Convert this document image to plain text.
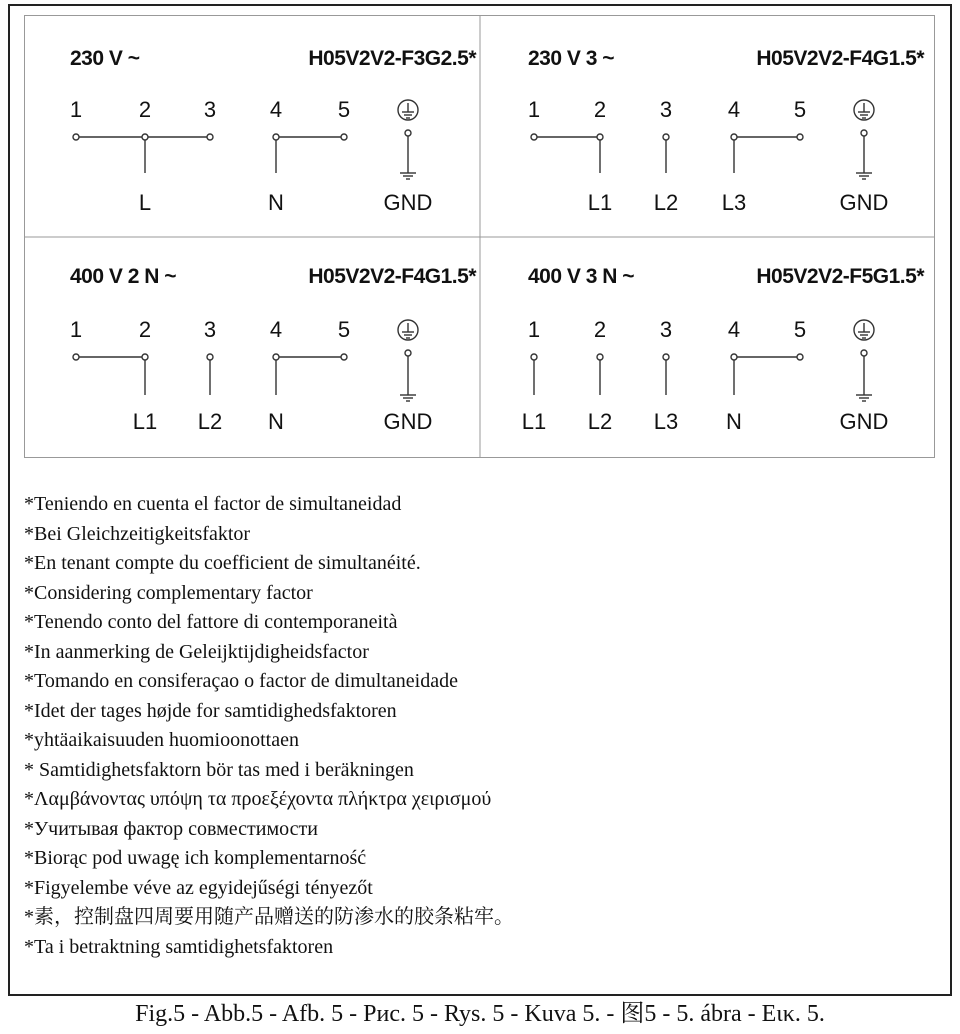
230 V ~	H05V2V2-F3G2.5*
1	2 3 4	5
L	N	GND
230 V 3 ~	H05V2V2-F4G1.5*
1 2 3	4 5
L1 L2 L3	GND
400 V 2 N ~	H05V2V2-F4G1.5*
1	2 3 4	5
L1 L2 N	GND
400 V 3 N ~	H05V2V2-F5G1.5*
1 2 3	4 5
L1 L2 L3 N	GND
*Teniendo en cuenta el factor de simultaneidad
*Bei Gleichzeitigkeitsfaktor
*En tenant compte du coefficient de simultanéité.
*Considering complementary factor
*Tenendo conto del fattore di contemporaneità
*In aanmerking de Geleijktijdigheidsfactor
*Tomando en consiferaçao o factor de dimultaneidade
*Idet der tages højde for samtidighedsfaktoren
*yhtäaikaisuuden huomioonottaen
* Samtidighetsfaktorn bör tas med i beräkningen
*Λαμβάνοντας υπόψη τα προεξέχοντα πλήκτρα χειρισμού
*Учитывая фактор совместимости
*Biorąc pod uwagę ich komplementarność
*Figyelembe véve az egyidejűségi tényezőt
*素，控制盘四周要用随产品赠送的防渗水的胶条粘牢。
*Ta i betraktning samtidighetsfaktoren
Fig.5 - Abb.5 - Afb. 5 - Рис. 5 - Rys. 5 - Kuva 5. - 图5 - 5. ábra - Εικ. 5.
